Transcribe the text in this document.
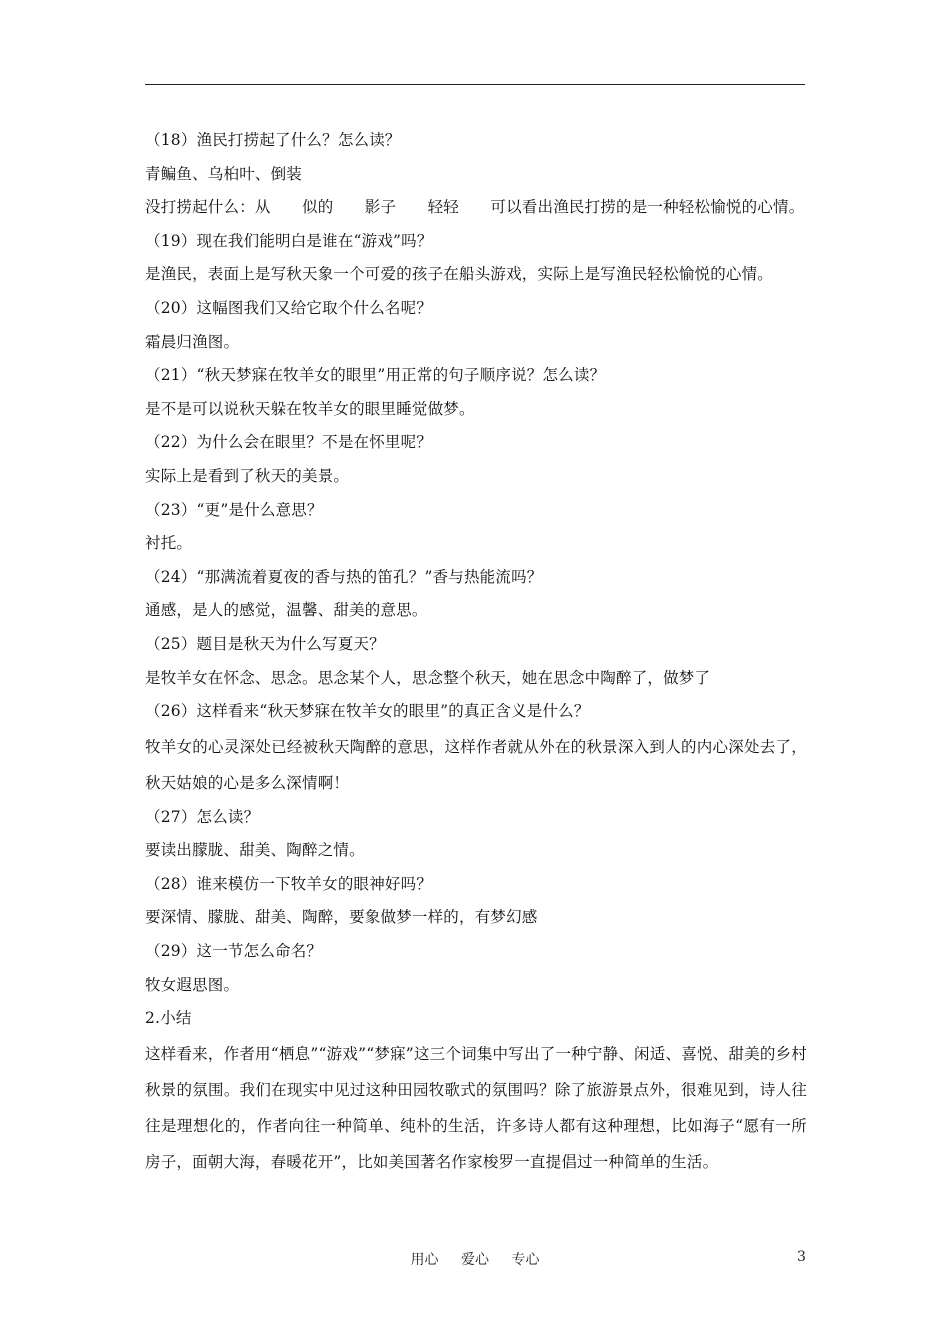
（18）渔民打捞起了什么？怎么读？
青鳊鱼、乌桕叶、倒装
没打捞起什么：从　　似的　　影子　　轻轻　　可以看出渔民打捞的是一种轻松愉悦的心情。
（19）现在我们能明白是谁在“游戏”吗？
是渔民，表面上是写秋天象一个可爱的孩子在船头游戏，实际上是写渔民轻松愉悦的心情。
（20）这幅图我们又给它取个什么名呢？
霜晨归渔图。
（21）“秋天梦寐在牧羊女的眼里”用正常的句子顺序说？怎么读？
是不是可以说秋天躲在牧羊女的眼里睡觉做梦。
（22）为什么会在眼里？不是在怀里呢？
实际上是看到了秋天的美景。
（23）“更”是什么意思？
衬托。
（24）“那满流着夏夜的香与热的笛孔？”香与热能流吗？
通感，是人的感觉，温馨、甜美的意思。
（25）题目是秋天为什么写夏天？
是牧羊女在怀念、思念。思念某个人，思念整个秋天，她在思念中陶醉了，做梦了
（26）这样看来“秋天梦寐在牧羊女的眼里”的真正含义是什么？
牧羊女的心灵深处已经被秋天陶醉的意思，这样作者就从外在的秋景深入到人的内心深处去了，秋天姑娘的心是多么深情啊！
（27）怎么读？
要读出朦胧、甜美、陶醉之情。
（28）谁来模仿一下牧羊女的眼神好吗？
要深情、朦胧、甜美、陶醉，要象做梦一样的，有梦幻感
（29）这一节怎么命名？
牧女遐思图。
2.小结
这样看来，作者用“栖息”“游戏”“梦寐”这三个词集中写出了一种宁静、闲适、喜悦、甜美的乡村秋景的氛围。我们在现实中见过这种田园牧歌式的氛围吗？除了旅游景点外，很难见到，诗人往往是理想化的，作者向往一种简单、纯朴的生活，许多诗人都有这种理想，比如海子“愿有一所房子，面朝大海，春暖花开”，比如美国著名作家梭罗一直提倡过一种简单的生活。
用心 爱心 专心	3
